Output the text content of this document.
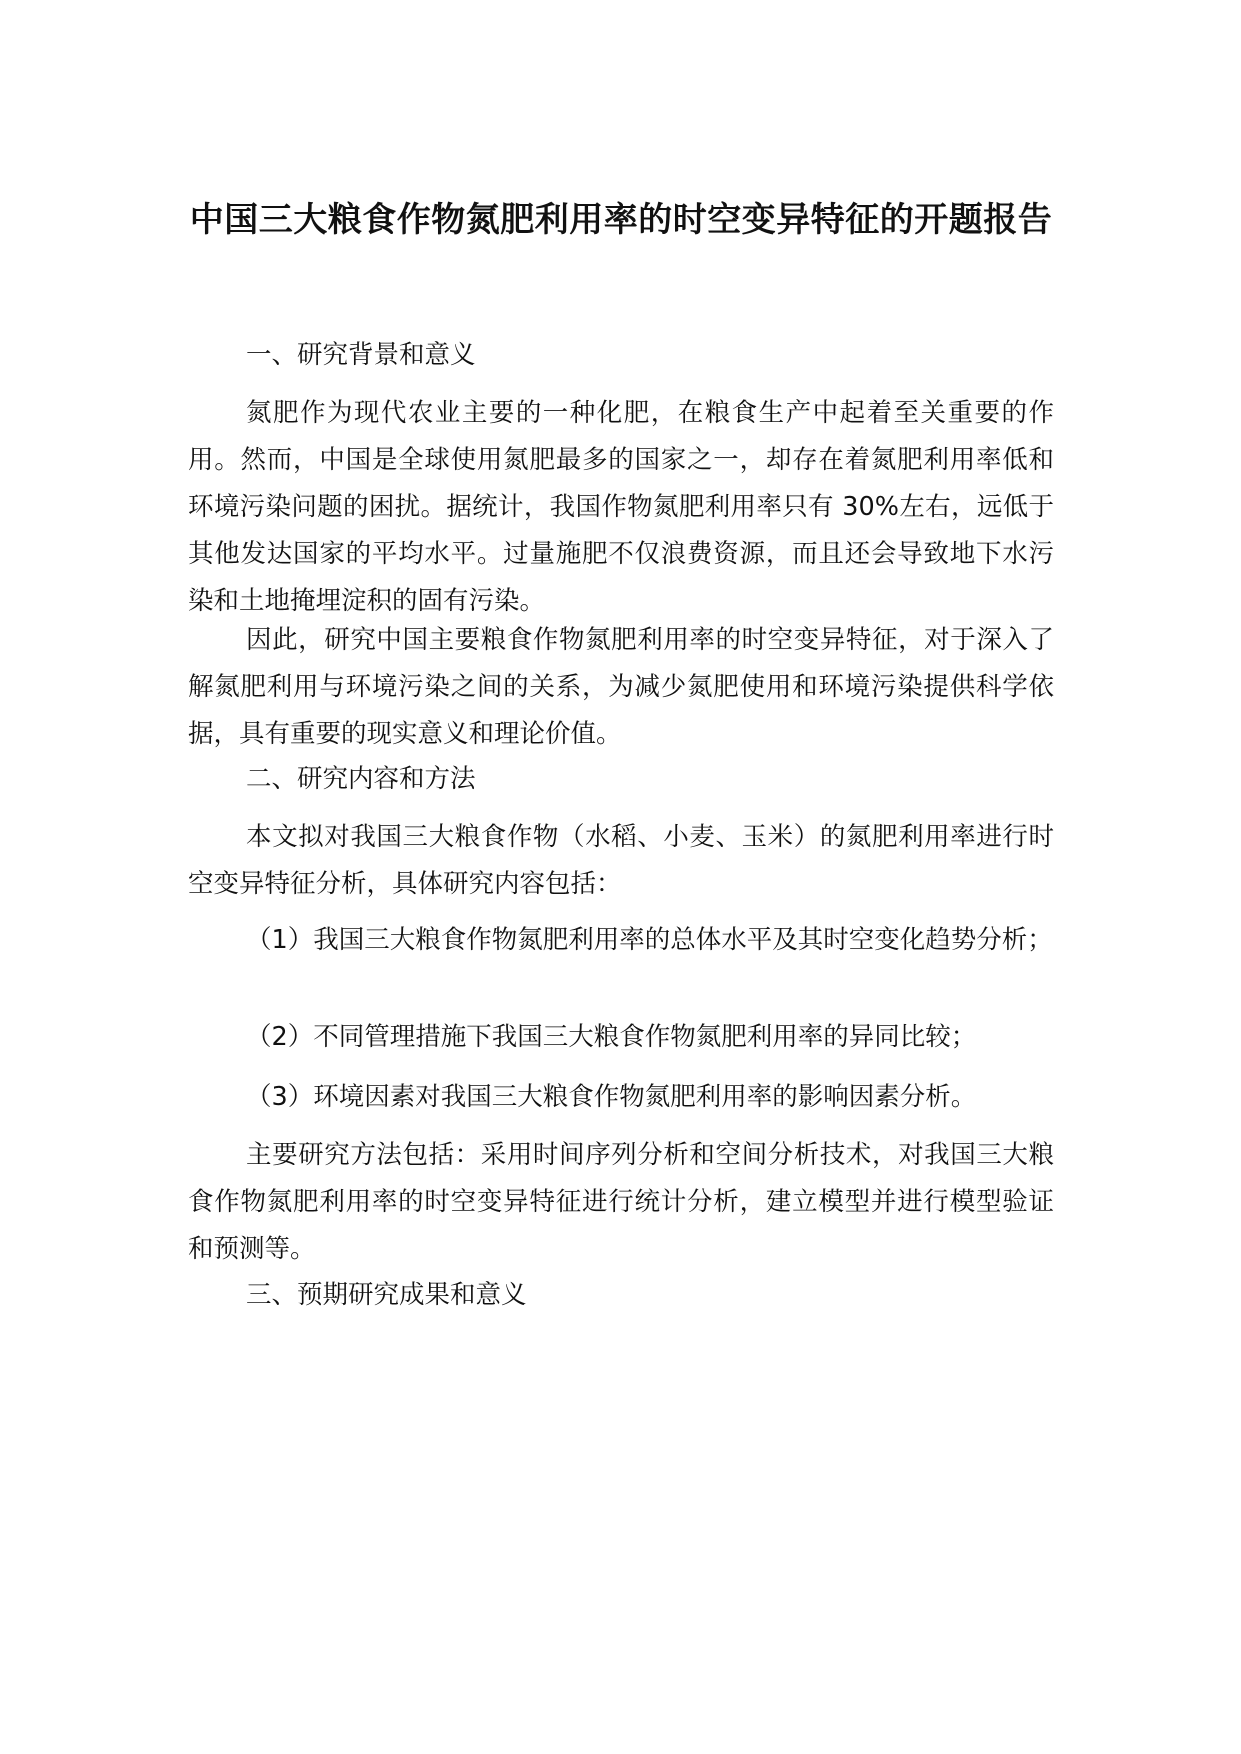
中国三大粮食作物氮肥利用率的时空变异特征的开题报告
一、研究背景和意义

氮肥作为现代农业主要的一种化肥，在粮食生产中起着至关重要的作用。然而，中国是全球使用氮肥最多的国家之一，却存在着氮肥利用率低和环境污染问题的困扰。据统计，我国作物氮肥利用率只有 30%左右，远低于其他发达国家的平均水平。过量施肥不仅浪费资源，而且还会导致地下水污染和土地掩埋淀积的固有污染。

因此，研究中国主要粮食作物氮肥利用率的时空变异特征，对于深入了解氮肥利用与环境污染之间的关系，为减少氮肥使用和环境污染提供科学依据，具有重要的现实意义和理论价值。

二、研究内容和方法

本文拟对我国三大粮食作物（水稻、小麦、玉米）的氮肥利用率进行时空变异特征分析，具体研究内容包括：

（1）我国三大粮食作物氮肥利用率的总体水平及其时空变化趋势分析；

（2）不同管理措施下我国三大粮食作物氮肥利用率的异同比较；

（3）环境因素对我国三大粮食作物氮肥利用率的影响因素分析。

主要研究方法包括：采用时间序列分析和空间分析技术，对我国三大粮食作物氮肥利用率的时空变异特征进行统计分析，建立模型并进行模型验证和预测等。

三、预期研究成果和意义
